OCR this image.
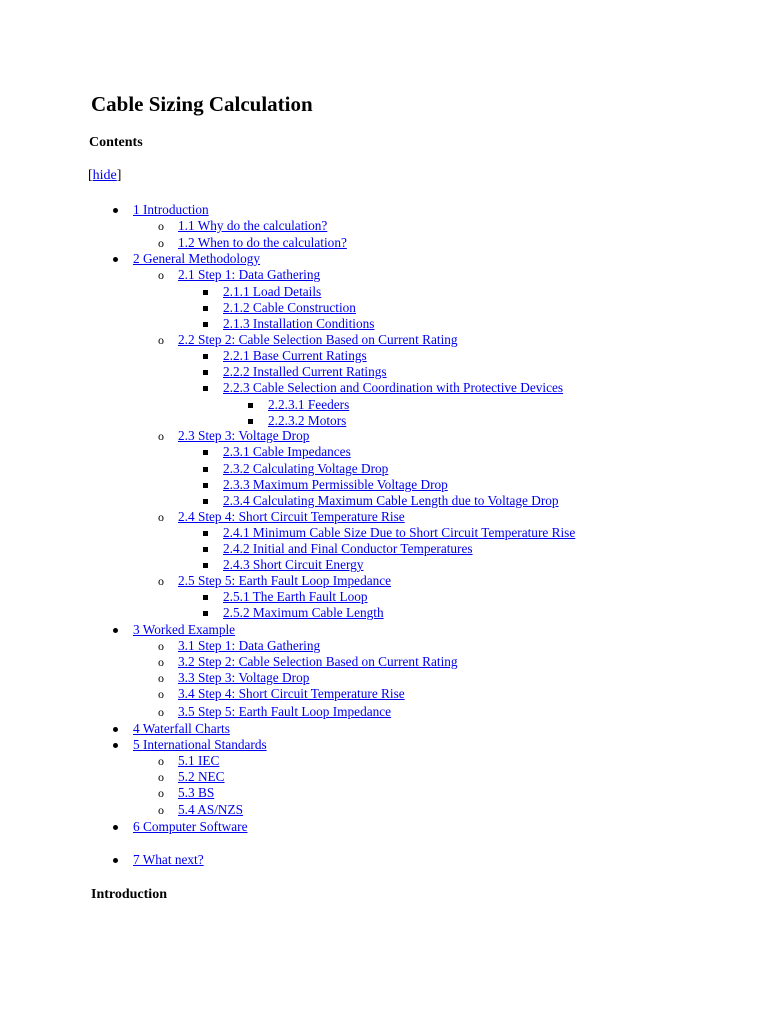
Cable Sizing Calculation
Contents
[hide]
1 Introduction
o 1.1 Why do the calculation?
o 1.2 When to do the calculation?
2 General Methodology
o 2.1 Step 1: Data Gathering
2.1.1 Load Details
2.1.2 Cable Construction
2.1.3 Installation Conditions
o 2.2 Step 2: Cable Selection Based on Current Rating
2.2.1 Base Current Ratings
2.2.2 Installed Current Ratings
2.2.3 Cable Selection and Coordination with Protective Devices
2.2.3.1 Feeders
2.2.3.2 Motors
o 2.3 Step 3: Voltage Drop
2.3.1 Cable Impedances
2.3.2 Calculating Voltage Drop
2.3.3 Maximum Permissible Voltage Drop
2.3.4 Calculating Maximum Cable Length due to Voltage Drop
o 2.4 Step 4: Short Circuit Temperature Rise
2.4.1 Minimum Cable Size Due to Short Circuit Temperature Rise
2.4.2 Initial and Final Conductor Temperatures
2.4.3 Short Circuit Energy
o 2.5 Step 5: Earth Fault Loop Impedance
2.5.1 The Earth Fault Loop
2.5.2 Maximum Cable Length
3 Worked Example
o 3.1 Step 1: Data Gathering
o 3.2 Step 2: Cable Selection Based on Current Rating
o 3.3 Step 3: Voltage Drop
o 3.4 Step 4: Short Circuit Temperature Rise
o 3.5 Step 5: Earth Fault Loop Impedance
4 Waterfall Charts
5 International Standards
o 5.1 IEC
o 5.2 NEC
o 5.3 BS
o 5.4 AS/NZS
6 Computer Software
7 What next?
Introduction
